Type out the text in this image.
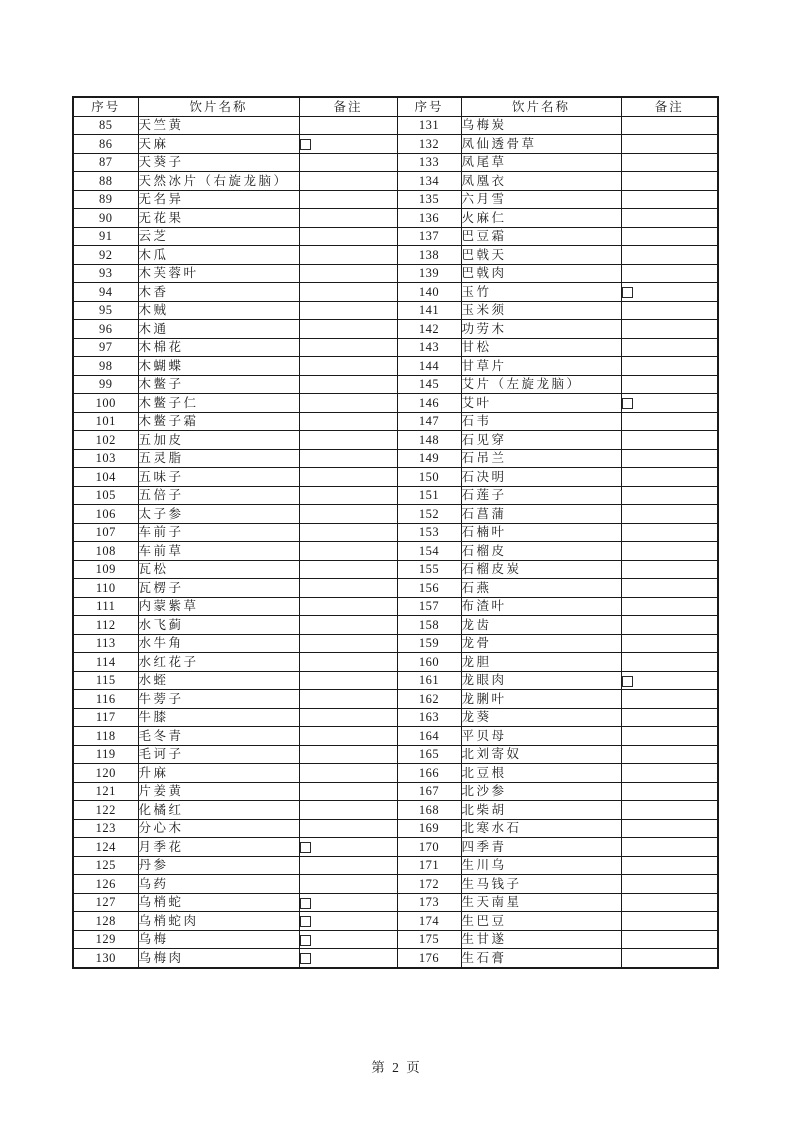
序号	饮片名称	备注	序号	饮片名称	备注
85	天竺黄		131	乌梅炭	
86	天麻		132	凤仙透骨草	
87	天葵子		133	凤尾草	
88	天然冰片（右旋龙脑）		134	凤凰衣	
89	无名异		135	六月雪	
90	无花果		136	火麻仁	
91	云芝		137	巴豆霜	
92	木瓜		138	巴戟天	
93	木芙蓉叶		139	巴戟肉	
94	木香		140	玉竹	
95	木贼		141	玉米须	
96	木通		142	功劳木	
97	木棉花		143	甘松	
98	木蝴蝶		144	甘草片	
99	木鳖子		145	艾片（左旋龙脑）	
100	木鳖子仁		146	艾叶	
101	木鳖子霜		147	石韦	
102	五加皮		148	石见穿	
103	五灵脂		149	石吊兰	
104	五味子		150	石决明	
105	五倍子		151	石莲子	
106	太子参		152	石菖蒲	
107	车前子		153	石楠叶	
108	车前草		154	石榴皮	
109	瓦松		155	石榴皮炭	
110	瓦楞子		156	石燕	
111	内蒙紫草		157	布渣叶	
112	水飞蓟		158	龙齿	
113	水牛角		159	龙骨	
114	水红花子		160	龙胆	
115	水蛭		161	龙眼肉	
116	牛蒡子		162	龙脷叶	
117	牛膝		163	龙葵	
118	毛冬青		164	平贝母	
119	毛诃子		165	北刘寄奴	
120	升麻		166	北豆根	
121	片姜黄		167	北沙参	
122	化橘红		168	北柴胡	
123	分心木		169	北寒水石	
124	月季花		170	四季青	
125	丹参		171	生川乌	
126	乌药		172	生马钱子	
127	乌梢蛇		173	生天南星	
128	乌梢蛇肉		174	生巴豆	
129	乌梅		175	生甘遂	
130	乌梅肉		176	生石膏	
第 2 页
